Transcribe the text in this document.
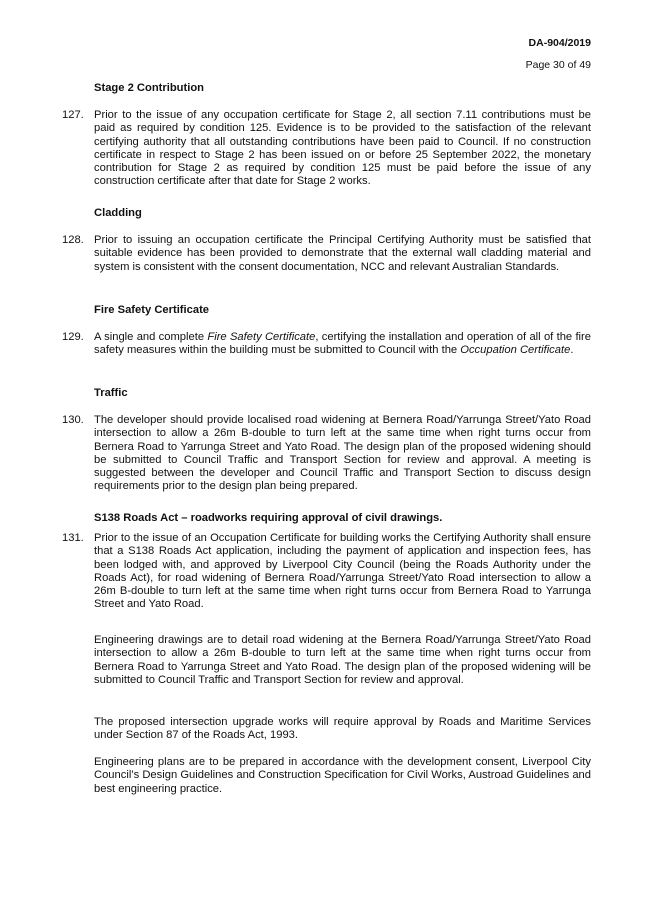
DA-904/2019
Page 30 of 49
Stage 2 Contribution
127. Prior to the issue of any occupation certificate for Stage 2, all section 7.11 contributions must be paid as required by condition 125. Evidence is to be provided to the satisfaction of the relevant certifying authority that all outstanding contributions have been paid to Council. If no construction certificate in respect to Stage 2 has been issued on or before 25 September 2022, the monetary contribution for Stage 2 as required by condition 125 must be paid before the issue of any construction certificate after that date for Stage 2 works.
Cladding
128. Prior to issuing an occupation certificate the Principal Certifying Authority must be satisfied that suitable evidence has been provided to demonstrate that the external wall cladding material and system is consistent with the consent documentation, NCC and relevant Australian Standards.
Fire Safety Certificate
129. A single and complete Fire Safety Certificate, certifying the installation and operation of all of the fire safety measures within the building must be submitted to Council with the Occupation Certificate.
Traffic
130. The developer should provide localised road widening at Bernera Road/Yarrunga Street/Yato Road intersection to allow a 26m B-double to turn left at the same time when right turns occur from Bernera Road to Yarrunga Street and Yato Road. The design plan of the proposed widening should be submitted to Council Traffic and Transport Section for review and approval. A meeting is suggested between the developer and Council Traffic and Transport Section to discuss design requirements prior to the design plan being prepared.
S138 Roads Act – roadworks requiring approval of civil drawings.
131. Prior to the issue of an Occupation Certificate for building works the Certifying Authority shall ensure that a S138 Roads Act application, including the payment of application and inspection fees, has been lodged with, and approved by Liverpool City Council (being the Roads Authority under the Roads Act), for road widening of Bernera Road/Yarrunga Street/Yato Road intersection to allow a 26m B-double to turn left at the same time when right turns occur from Bernera Road to Yarrunga Street and Yato Road.
Engineering drawings are to detail road widening at the Bernera Road/Yarrunga Street/Yato Road intersection to allow a 26m B-double to turn left at the same time when right turns occur from Bernera Road to Yarrunga Street and Yato Road. The design plan of the proposed widening will be submitted to Council Traffic and Transport Section for review and approval.
The proposed intersection upgrade works will require approval by Roads and Maritime Services under Section 87 of the Roads Act, 1993.
Engineering plans are to be prepared in accordance with the development consent, Liverpool City Council’s Design Guidelines and Construction Specification for Civil Works, Austroad Guidelines and best engineering practice.
